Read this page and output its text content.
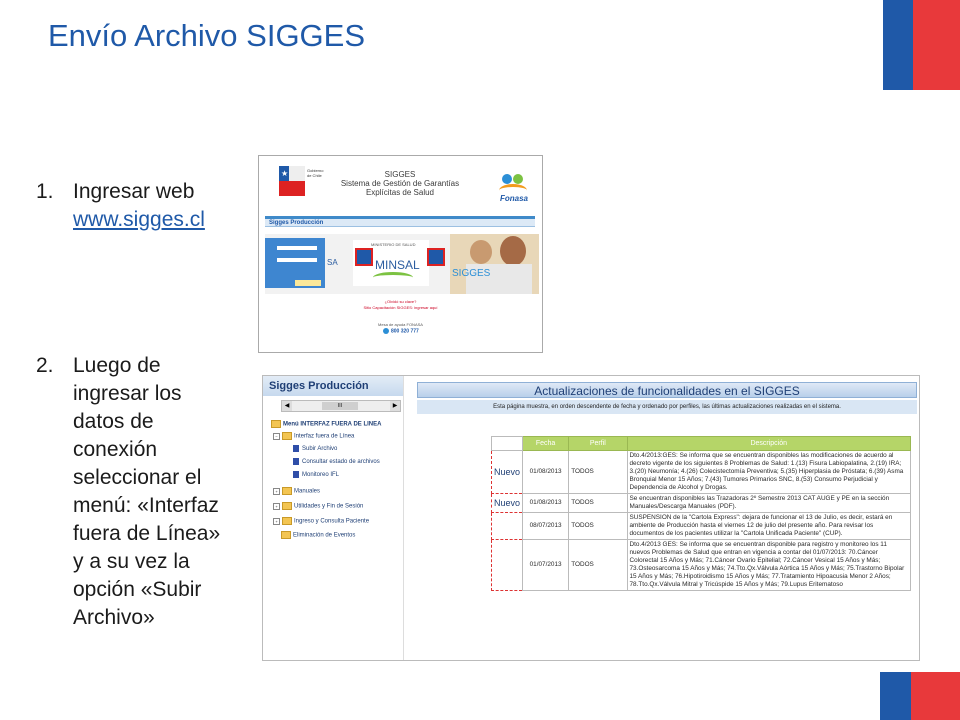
Envío Archivo SIGGES
1. Ingresar web
www.sigges.cl
2. Luego de ingresar los datos de conexión seleccionar el menú: «Interfaz fuera de Línea» y a su vez la opción «Subir Archivo»
★	Gobierno de Chile	SIGGES
Sistema de Gestión de Garantías
Explícitas de Salud
Fonasa
Sigges Producción
SA
MINISTERIO DE SALUD
MINSAL
SIGGES
¿Olvidó su clave?
Sitio Capacitación SIGGES: ingresar aquí
Mesa de ayuda FONASA
800 320 777
Sigges Producción
◀	III	▶
Menú INTERFAZ FUERA DE LINEA
−	Interfaz fuera de Línea
Subir Archivo
Consultar estado de archivos
Monitoreo IFL
+	Manuales
+	Utilidades y Fin de Sesión
+	Ingreso y Consulta Paciente
Eliminación de Eventos
Actualizaciones de funcionalidades en el SIGGES
Esta página muestra, en orden descendente de fecha y ordenado por perfiles, las últimas actualizaciones realizadas en el sistema.
	Fecha	Perfil	Descripción
Nuevo	01/08/2013	TODOS	Dto.4/2013:GES: Se informa que se encuentran disponibles las modificaciones de acuerdo al decreto vigente de los siguientes 8 Problemas de Salud: 1.(13) Fisura Labiopalatina, 2.(19) IRA; 3.(20) Neumonía; 4.(26) Colecistectomía Preventiva; 5.(35) Hiperplasia de Próstata; 6.(39) Asma Bronquial Menor 15 Años; 7.(43) Tumores Primarios SNC, 8.(53) Consumo Perjudicial y Dependencia de Alcohol y Drogas.
Nuevo	01/08/2013	TODOS	Se encuentran disponibles las Trazadoras 2º Semestre 2013 CAT AUGE y PE en la sección Manuales/Descarga Manuales (PDF).
	08/07/2013	TODOS	SUSPENSION de la "Cartola Express": dejara de funcionar el 13 de Julio, es decir, estará en ambiente de Producción hasta el viernes 12 de julio del presente año. Para revisar los documentos de los pacientes utilizar la "Cartola Unificada Paciente" (CUP).
	01/07/2013	TODOS	Dto.4/2013 GES: Se informa que se encuentran disponible para registro y monitoreo los 11 nuevos Problemas de Salud que entran en vigencia a contar del 01/07/2013: 70.Cáncer Colorectal 15 Años y Más; 71.Cáncer Ovario Epitelial; 72.Cáncer Vesical 15 Años y Más; 73.Osteosarcoma 15 Años y Más; 74.Tto.Qx.Válvula Aórtica 15 Años y Más; 75.Trastorno Bipolar 15 Años y Más; 76.Hipotiroidismo 15 Años y Más; 77.Tratamiento Hipoacusia Menor 2 Años; 78.Tto.Qx.Válvula Mitral y Tricúspide 15 Años y Más; 79.Lupus Eritematoso
